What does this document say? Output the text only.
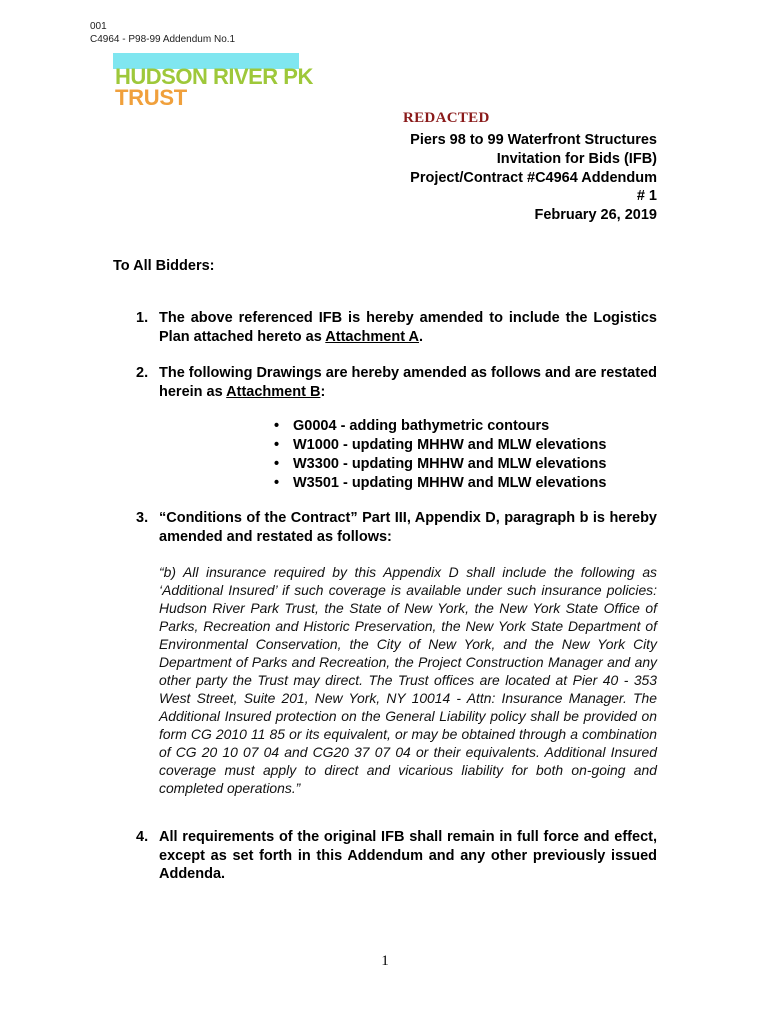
001
C4964 - P98-99 Addendum No.1
HUDSON RIVER PK
TRUST
REDACTED
Piers 98 to 99 Waterfront Structures
Invitation for Bids (IFB)
Project/Contract #C4964 Addendum
# 1
February 26, 2019
To All Bidders:
1. The above referenced IFB is hereby amended to include the Logistics Plan attached hereto as Attachment A.
2. The following Drawings are hereby amended as follows and are restated herein as Attachment B:
• G0004 - adding bathymetric contours
• W1000 - updating MHHW and MLW elevations
• W3300 - updating MHHW and MLW elevations
• W3501 - updating MHHW and MLW elevations
3. “Conditions of the Contract” Part III, Appendix D, paragraph b is hereby amended and restated as follows:
“b) All insurance required by this Appendix D shall include the following as ‘Additional Insured’ if such coverage is available under such insurance policies: Hudson River Park Trust, the State of New York, the New York State Office of Parks, Recreation and Historic Preservation, the New York State Department of Environmental Conservation, the City of New York, and the New York City Department of Parks and Recreation, the Project Construction Manager and any other party the Trust may direct. The Trust offices are located at Pier 40 - 353 West Street, Suite 201, New York, NY 10014 - Attn: Insurance Manager. The Additional Insured protection on the General Liability policy shall be provided on form CG 2010 11 85 or its equivalent, or may be obtained through a combination of CG 20 10 07 04 and CG20 37 07 04 or their equivalents. Additional Insured coverage must apply to direct and vicarious liability for both on-going and completed operations.”
4. All requirements of the original IFB shall remain in full force and effect, except as set forth in this Addendum and any other previously issued Addenda.
1
